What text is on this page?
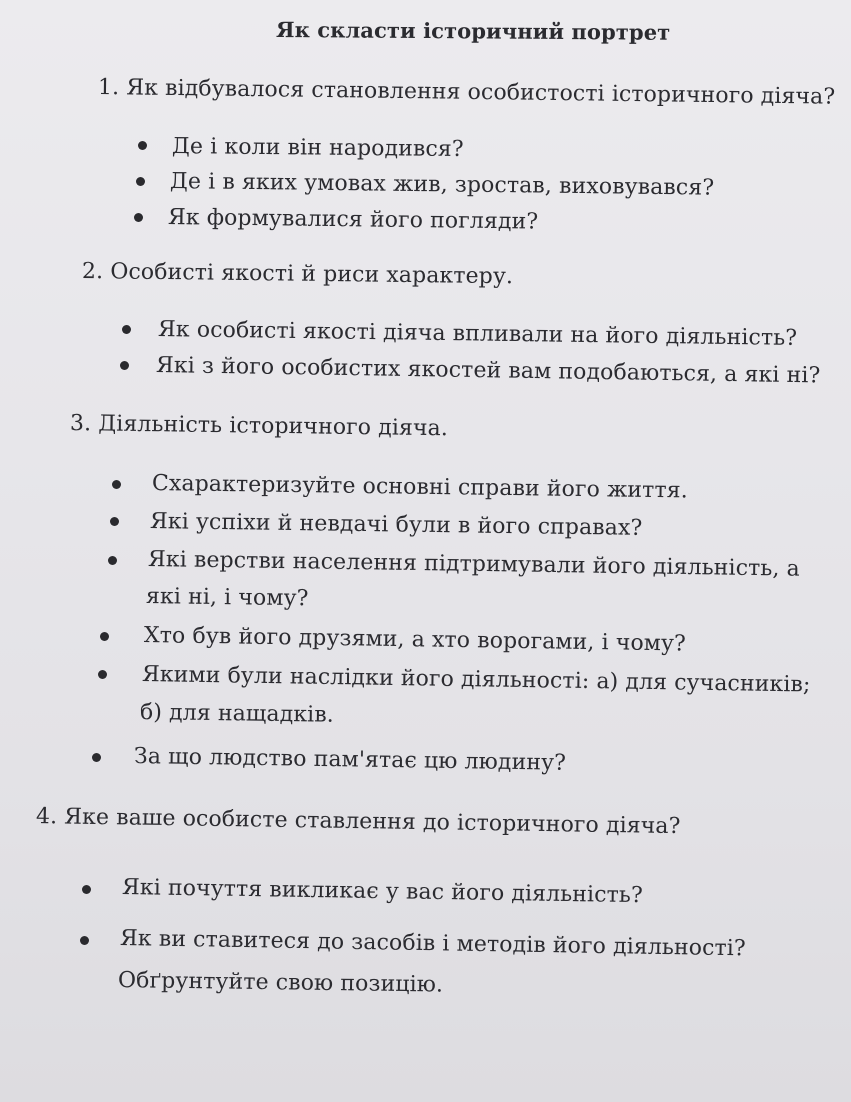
Як скласти історичний портрет
1. Як відбувалося становлення особистості історичного діяча?
Де і коли він народився?
Де і в яких умовах жив, зростав, виховувався?
Як формувалися його погляди?
2. Особисті якості й риси характеру.
Як особисті якості діяча впливали на його діяльність?
Які з його особистих якостей вам подобаються, а які ні?
3. Діяльність історичного діяча.
Схарактеризуйте основні справи його життя.
Які успіхи й невдачі були в його справах?
Які верстви населення підтримували його діяльність, а
які ні, і чому?
Хто був його друзями, а хто ворогами, і чому?
Якими були наслідки його діяльності: а) для сучасників;
б) для нащадків.
За що людство пам'ятає цю людину?
4. Яке ваше особисте ставлення до історичного діяча?
Які почуття викликає у вас його діяльність?
Як ви ставитеся до засобів і методів його діяльності?
Обґрунтуйте свою позицію.
